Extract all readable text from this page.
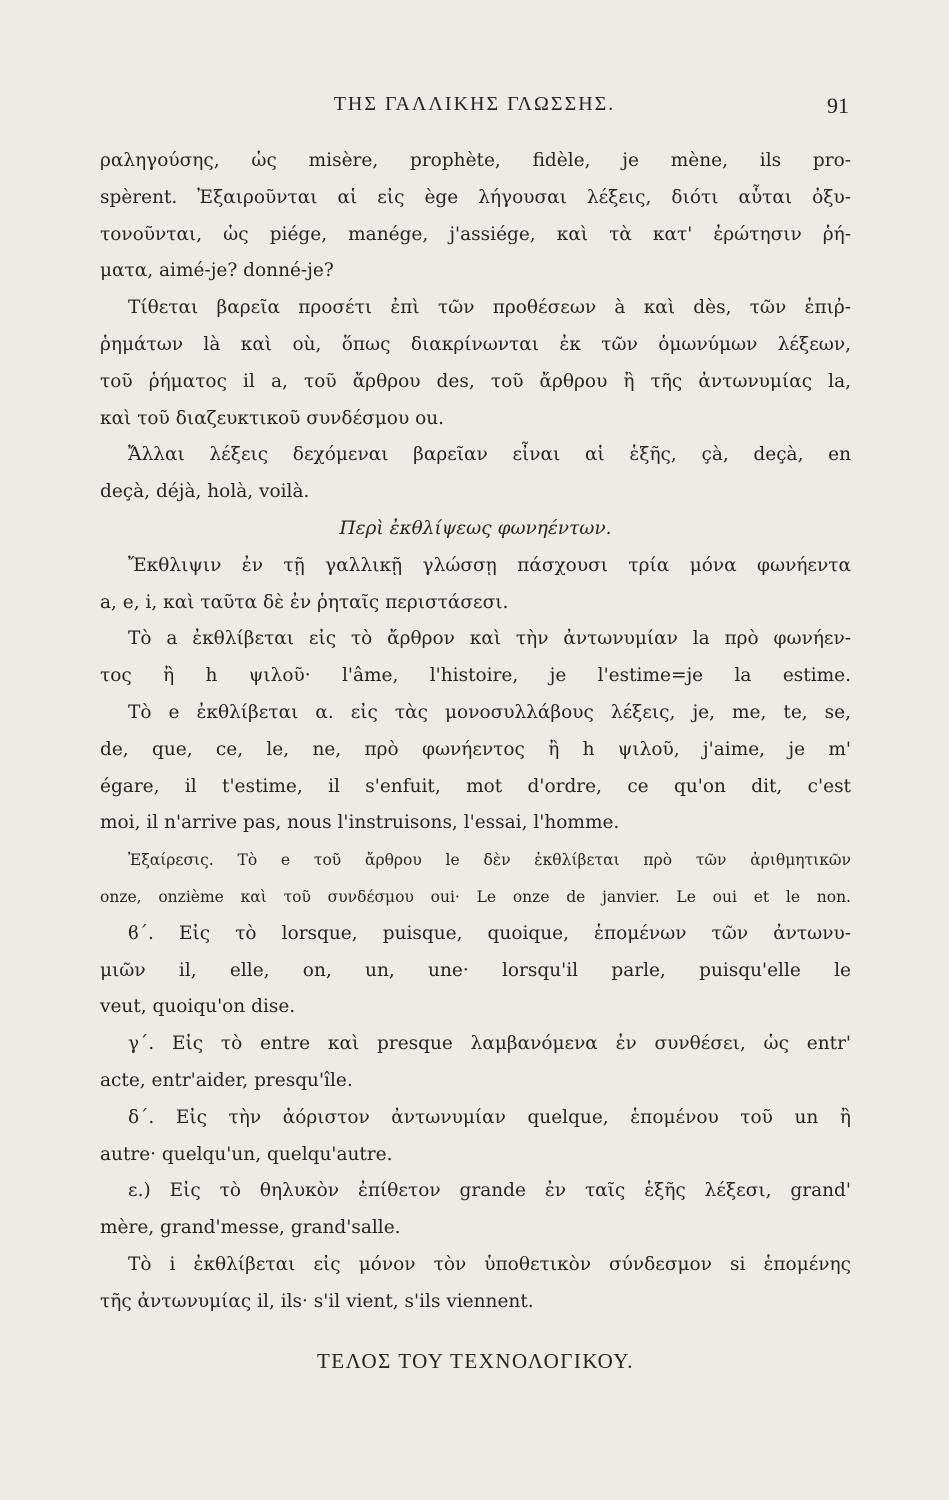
ΤΗΣ ΓΑΛΛΙΚΗΣ ΓΛΩΣΣΗΣ.	91
ραληγούσης, ὡς misère, prophète, fidèle, je mène, ils pro-
spèrent. Ἐξαιροῦνται αἱ εἰς ège λήγουσαι λέξεις, διότι αὗται ὀξυ-
τονοῦνται, ὡς piége, manége, j'assiége, καὶ τὰ κατ' ἐρώτησιν ῥή-
ματα, aimé-je? donné-je?
Τίθεται βαρεῖα προσέτι ἐπὶ τῶν προθέσεων à καὶ dès, τῶν ἐπιῤ-
ῥημάτων là καὶ où, ὅπως διακρίνωνται ἐκ τῶν ὁμωνύμων λέξεων,
τοῦ ῥήματος il a, τοῦ ἄρθρου des, τοῦ ἄρθρου ἢ τῆς ἀντωνυμίας la,
καὶ τοῦ διαζευκτικοῦ συνδέσμου ou.
Ἄλλαι λέξεις δεχόμεναι βαρεῖαν εἶναι αἱ ἑξῆς, çà, deçà, en
deçà, déjà, holà, voilà.
Περὶ ἐκθλίψεως φωνηέντων.
Ἔκθλιψιν ἐν τῇ γαλλικῇ γλώσσῃ πάσχουσι τρία μόνα φωνήεντα
a, e, i, καὶ ταῦτα δὲ ἐν ῥηταῖς περιστάσεσι.
Τὸ a ἐκθλίβεται εἰς τὸ ἄρθρον καὶ τὴν ἀντωνυμίαν la πρὸ φωνήεν-
τος ἢ h ψιλοῦ· l'âme, l'histoire, je l'estime=je la estime.
Τὸ e ἐκθλίβεται α. εἰς τὰς μονοσυλλάβους λέξεις, je, me, te, se,
de, que, ce, le, ne, πρὸ φωνήεντος ἢ h ψιλοῦ, j'aime, je m'
égare, il t'estime, il s'enfuit, mot d'ordre, ce qu'on dit, c'est
moi, il n'arrive pas, nous l'instruisons, l'essai, l'homme.
Ἐξαίρεσις. Τὸ e τοῦ ἄρθρου le δὲν ἐκθλίβεται πρὸ τῶν ἀριθμητικῶν
onze, onzième καὶ τοῦ συνδέσμου oui· Le onze de janvier. Le oui et le non.
ϐ΄. Εἰς τὸ lorsque, puisque, quoique, ἑπομένων τῶν ἀντωνυ-
μιῶν il, elle, on, un, une· lorsqu'il parle, puisqu'elle le
veut, quoiqu'on dise.
γ΄. Εἰς τὸ entre καὶ presque λαμβανόμενα ἐν συνθέσει, ὡς entr'
acte, entr'aider, presqu'île.
δ΄. Εἰς τὴν ἀόριστον ἀντωνυμίαν quelque, ἑπομένου τοῦ un ἢ
autre· quelqu'un, quelqu'autre.
ε.) Εἰς τὸ θηλυκὸν ἐπίθετον grande ἐν ταῖς ἑξῆς λέξεσι, grand'
mère, grand'messe, grand'salle.
Τὸ i ἐκθλίβεται εἰς μόνον τὸν ὑποθετικὸν σύνδεσμον si ἑπομένης
τῆς ἀντωνυμίας il, ils· s'il vient, s'ils viennent.
ΤΕΛΟΣ ΤΟΥ ΤΕΧΝΟΛΟΓΙΚΟΥ.
